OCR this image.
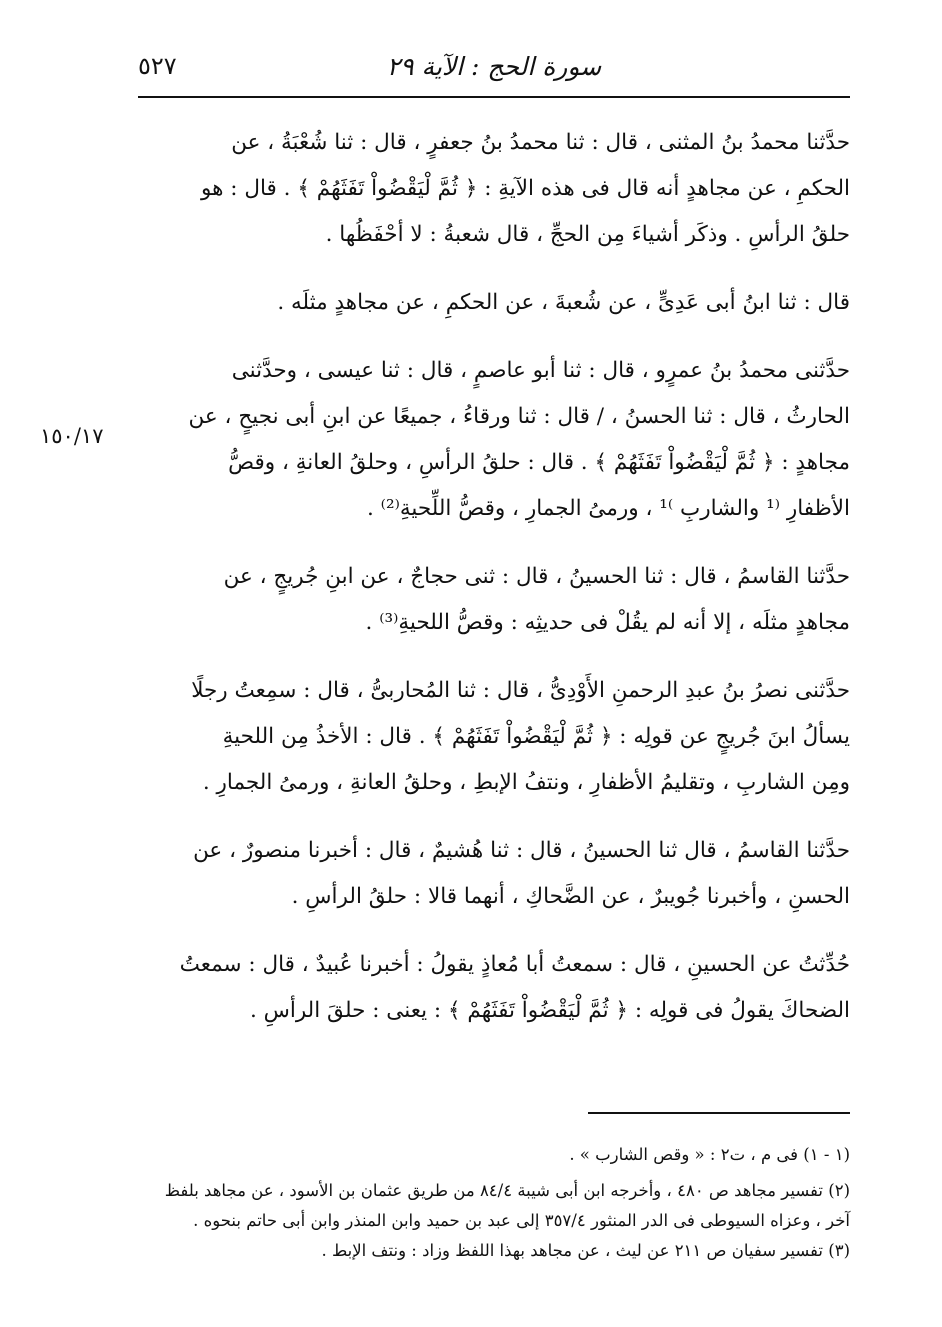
سورة الحج : الآية ٢٩
٥٢٧
١٥٠/١٧

حدَّثنا محمدُ بنُ المثنى ، قال : ثنا محمدُ بنُ جعفرٍ ، قال : ثنا شُعْبَةُ ، عن

الحكمِ ، عن مجاهدٍ أنه قال فى هذه الآيةِ : ﴿ ثُمَّ لْيَقْضُواْ تَفَثَهُمْ ﴾ . قال : هو

حلقُ الرأسِ . وذكَر أشياءَ مِن الحجِّ ، قال شعبةُ : لا أحْفَظُها .

قال : ثنا ابنُ أبى عَدِىٍّ ، عن شُعبةَ ، عن الحكمِ ، عن مجاهدٍ مثلَه .

حدَّثنى محمدُ بنُ عمرٍو ، قال : ثنا أبو عاصمٍ ، قال : ثنا عيسى ، وحدَّثنى

الحارثُ ، قال : ثنا الحسنُ ، / قال : ثنا ورقاءُ ، جميعًا عن ابنِ أبى نجيحٍ ، عن

مجاهدٍ : ﴿ ثُمَّ لْيَقْضُواْ تَفَثَهُمْ ﴾ . قال : حلقُ الرأسِ ، وحلقُ العانةِ ، وقصُّ

الأظفارِ ⁽¹ والشاربِ ⁾¹ ، ورمىُ الجمارِ ، وقصُّ اللِّحيةِ⁽²⁾ .

حدَّثنا القاسمُ ، قال : ثنا الحسينُ ، قال : ثنى حجاجٌ ، عن ابنِ جُريجٍ ، عن

مجاهدٍ مثلَه ، إلا أنه لم يقُلْ فى حديثِه : وقصُّ اللحيةِ⁽³⁾ .

حدَّثنى نصرُ بنُ عبدِ الرحمنِ الأَوْدِىُّ ، قال : ثنا المُحاربىُّ ، قال : سمِعتُ رجلًا

يسألُ ابنَ جُريجٍ عن قولِه : ﴿ ثُمَّ لْيَقْضُواْ تَفَثَهُمْ ﴾ . قال : الأخذُ مِن اللحيةِ

ومِن الشاربِ ، وتقليمُ الأظفارِ ، ونتفُ الإبطِ ، وحلقُ العانةِ ، ورمىُ الجمارِ .

حدَّثنا القاسمُ ، قال ثنا الحسينُ ، قال : ثنا هُشيمٌ ، قال : أخبرنا منصورٌ ، عن

الحسنِ ، وأخبرنا جُويبرٌ ، عن الضَّحاكِ ، أنهما قالا : حلقُ الرأسِ .

حُدِّثتُ عن الحسينِ ، قال : سمعتُ أبا مُعاذٍ يقولُ : أخبرنا عُبيدٌ ، قال : سمعتُ

الضحاكَ يقولُ فى قولِه : ﴿ ثُمَّ لْيَقْضُواْ تَفَثَهُمْ ﴾ : يعنى : حلقَ الرأسِ .

(١ - ١) فى م ، ت٢ : « وقص الشارب » .

(٢) تفسير مجاهد ص ٤٨٠ ، وأخرجه ابن أبى شيبة ٨٤/٤ من طريق عثمان بن الأسود ، عن مجاهد بلفظ

آخر ، وعزاه السيوطى فى الدر المنثور ٣٥٧/٤ إلى عبد بن حميد وابن المنذر وابن أبى حاتم بنحوه .

(٣) تفسير سفيان ص ٢١١ عن ليث ، عن مجاهد بهذا اللفظ وزاد : ونتف الإبط .
